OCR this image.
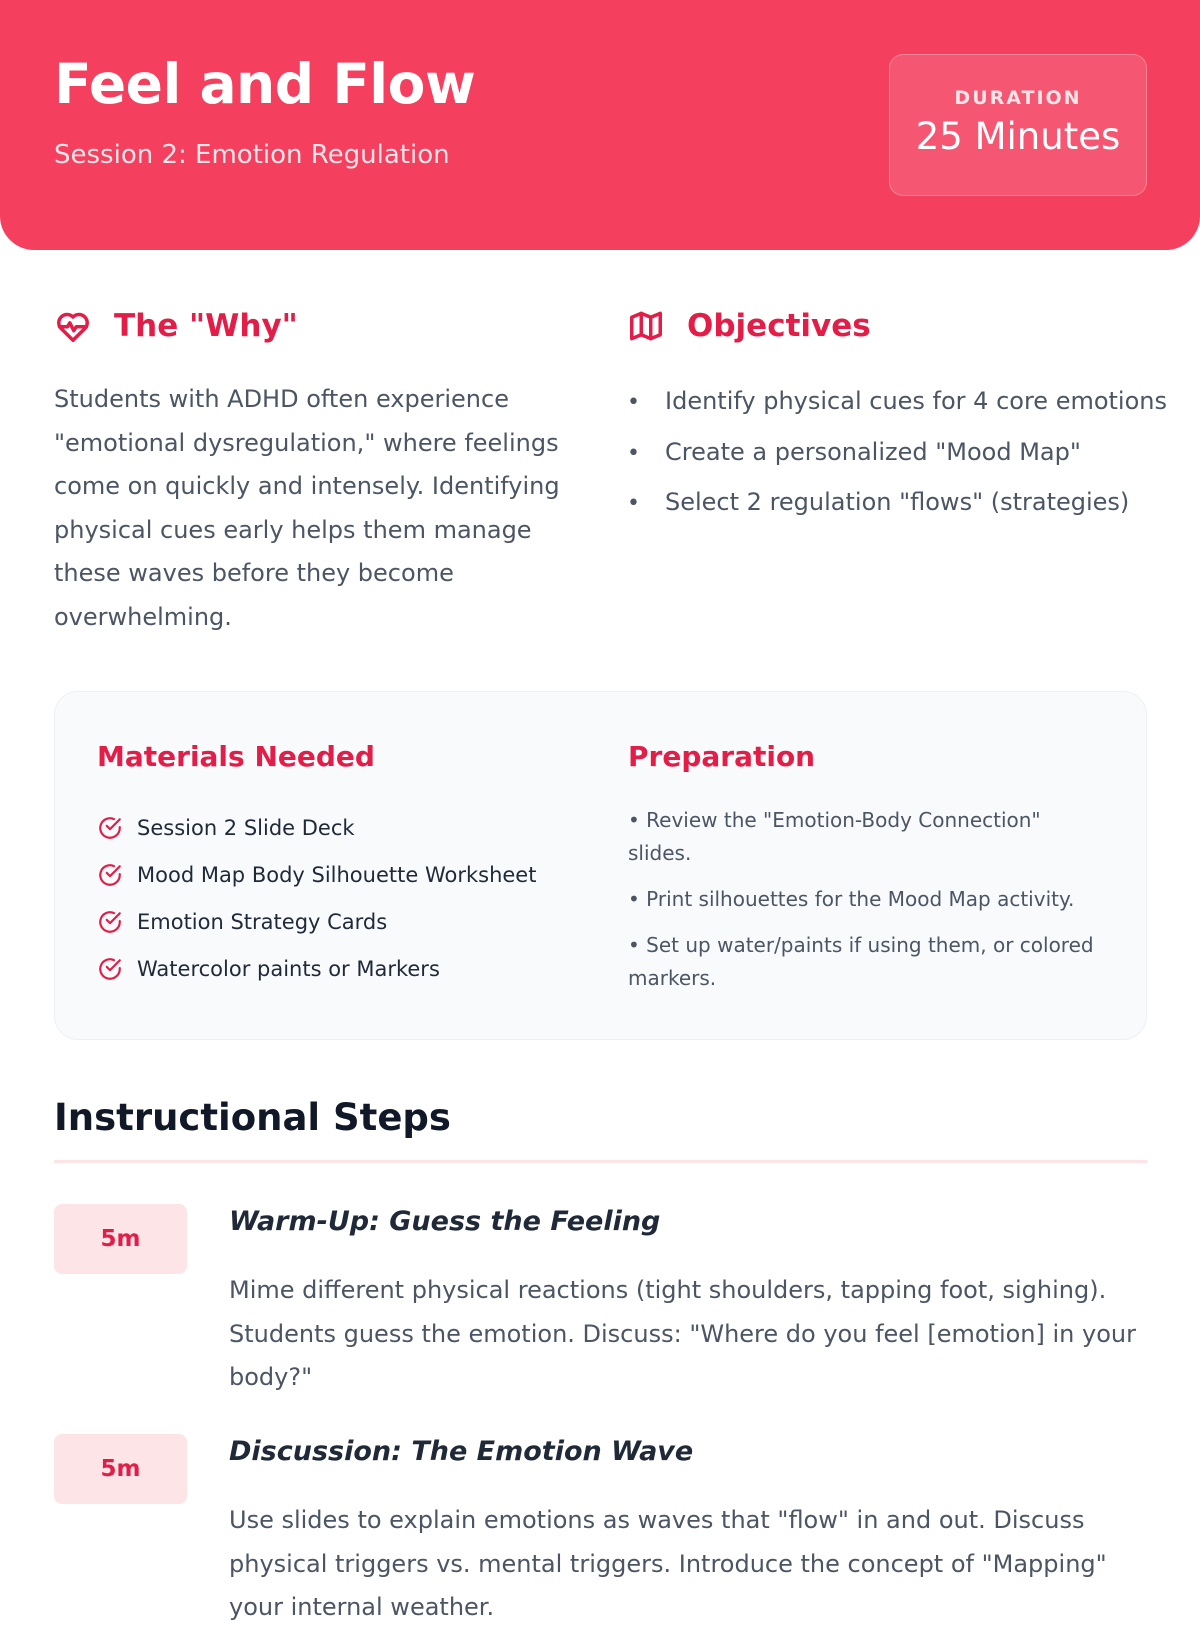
Feel and Flow
Session 2: Emotion Regulation
DURATION
25 Minutes
The "Why"

Students with ADHD often experience "emotional dysregulation," where feelings come on quickly and intensely. Identifying physical cues early helps them manage these waves before they become overwhelming.

Objectives
• Identify physical cues for 4 core emotions
• Create a personalized "Mood Map"
• Select 2 regulation "flows" (strategies)
Materials Needed
Session 2 Slide Deck
Mood Map Body Silhouette Worksheet
Emotion Strategy Cards
Watercolor paints or Markers
Preparation
• Review the "Emotion-Body Connection" slides.
• Print silhouettes for the Mood Map activity.
• Set up water/paints if using them, or colored markers.
Instructional Steps
5m
Warm-Up: Guess the Feeling

Mime different physical reactions (tight shoulders, tapping foot, sighing). Students guess the emotion. Discuss: "Where do you feel [emotion] in your body?"

5m
Discussion: The Emotion Wave

Use slides to explain emotions as waves that "flow" in and out. Discuss physical triggers vs. mental triggers. Introduce the concept of "Mapping" your internal weather.
